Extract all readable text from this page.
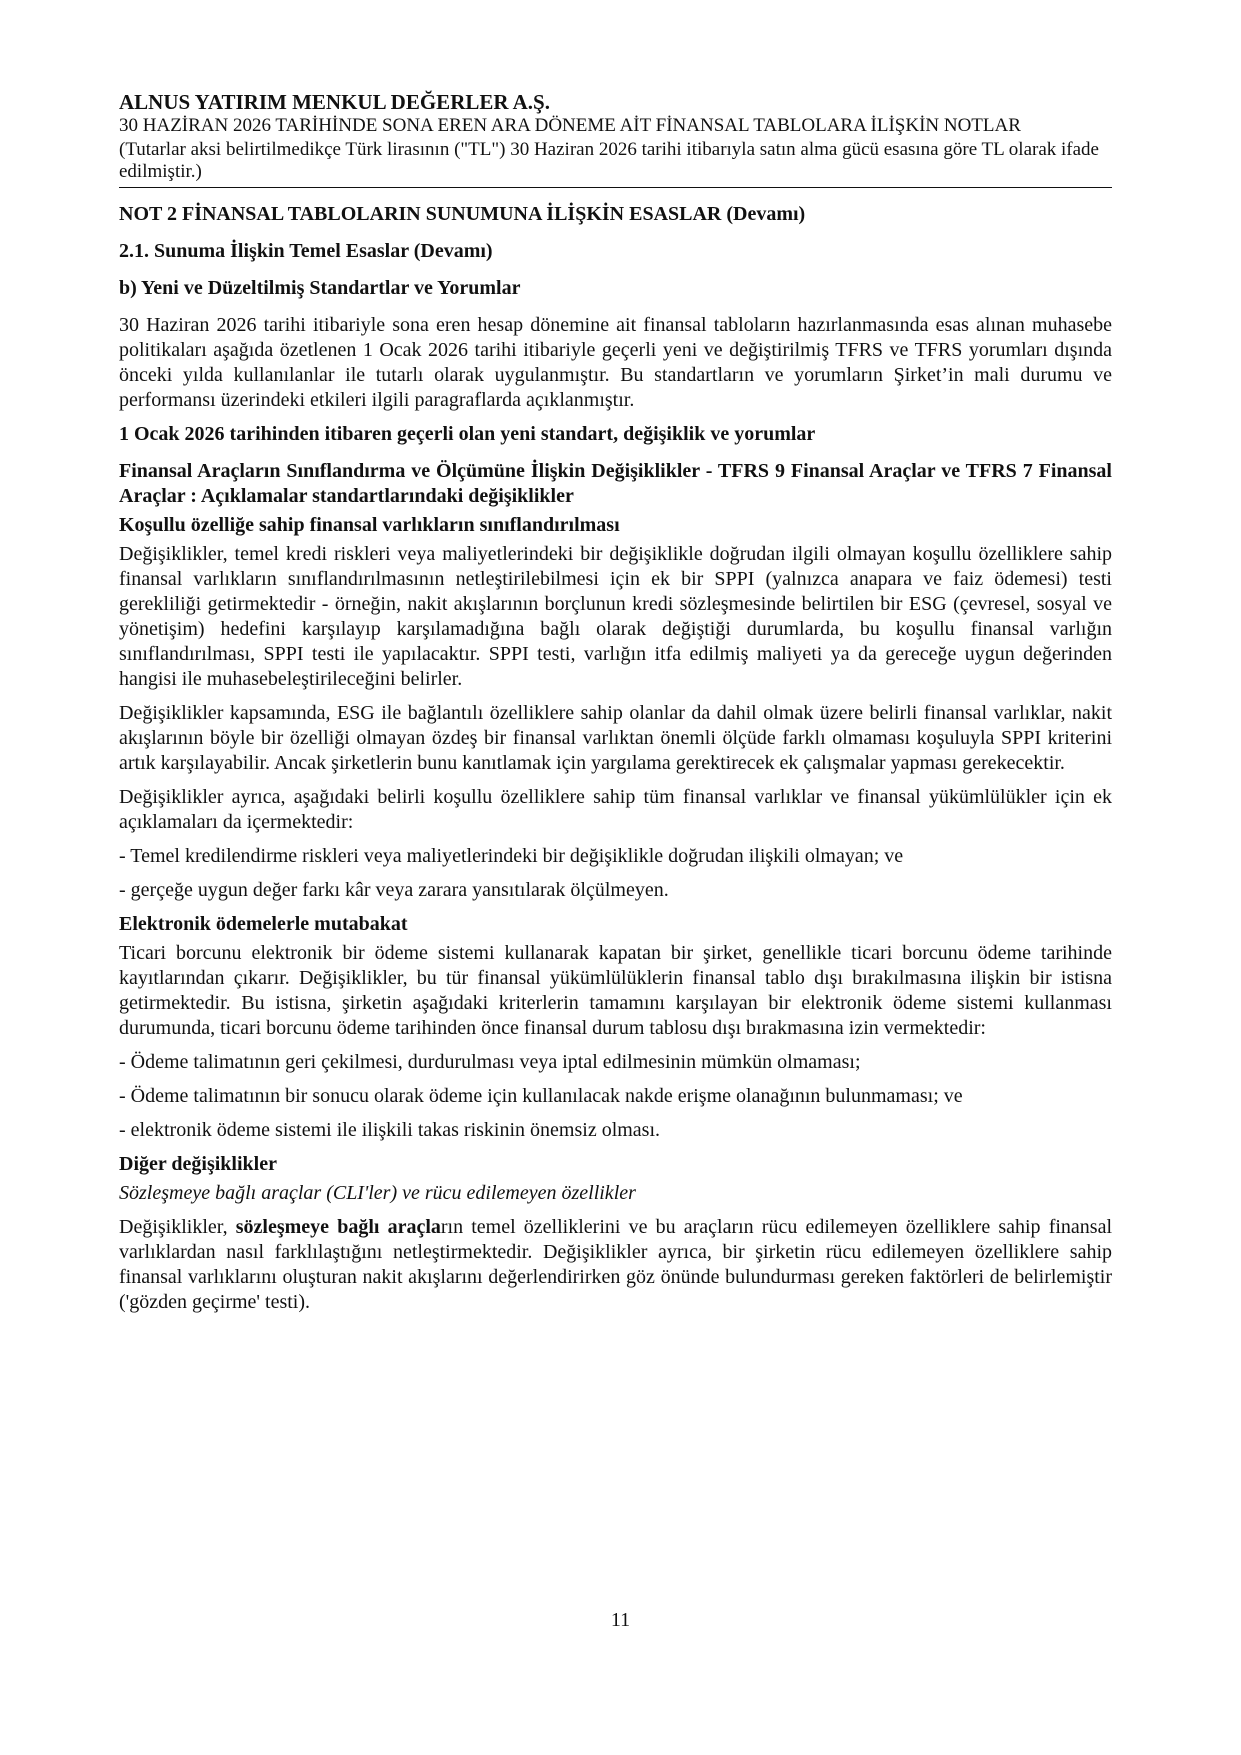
ALNUS YATIRIM MENKUL DEĞERLER A.Ş.
30 HAZİRAN 2026 TARİHİNDE SONA EREN ARA DÖNEME AİT FİNANSAL TABLOLARA İLİŞKİN NOTLAR
(Tutarlar aksi belirtilmedikçe Türk lirasının ("TL") 30 Haziran 2026 tarihi itibarıyla satın alma gücü esasına göre TL olarak ifade edilmiştir.)
NOT 2 FİNANSAL TABLOLARIN SUNUMUNA İLİŞKİN ESASLAR (Devamı)
2.1. Sunuma İlişkin Temel Esaslar (Devamı)
b) Yeni ve Düzeltilmiş Standartlar ve Yorumlar

30 Haziran 2026 tarihi itibariyle sona eren hesap dönemine ait finansal tabloların hazırlanmasında esas alınan muhasebe politikaları aşağıda özetlenen 1 Ocak 2026 tarihi itibariyle geçerli yeni ve değiştirilmiş TFRS ve TFRS yorumları dışında önceki yılda kullanılanlar ile tutarlı olarak uygulanmıştır. Bu standartların ve yorumların Şirket’in mali durumu ve performansı üzerindeki etkileri ilgili paragraflarda açıklanmıştır.

1 Ocak 2026 tarihinden itibaren geçerli olan yeni standart, değişiklik ve yorumlar
Finansal Araçların Sınıflandırma ve Ölçümüne İlişkin Değişiklikler - TFRS 9 Finansal Araçlar ve TFRS 7 Finansal Araçlar : Açıklamalar standartlarındaki değişiklikler
Koşullu özelliğe sahip finansal varlıkların sınıflandırılması

Değişiklikler, temel kredi riskleri veya maliyetlerindeki bir değişiklikle doğrudan ilgili olmayan koşullu özelliklere sahip finansal varlıkların sınıflandırılmasının netleştirilebilmesi için ek bir SPPI (yalnızca anapara ve faiz ödemesi) testi gerekliliği getirmektedir - örneğin, nakit akışlarının borçlunun kredi sözleşmesinde belirtilen bir ESG (çevresel, sosyal ve yönetişim) hedefini karşılayıp karşılamadığına bağlı olarak değiştiği durumlarda, bu koşullu finansal varlığın sınıflandırılması, SPPI testi ile yapılacaktır. SPPI testi, varlığın itfa edilmiş maliyeti ya da gereceğe uygun değerinden hangisi ile muhasebeleştirileceğini belirler.

Değişiklikler kapsamında, ESG ile bağlantılı özelliklere sahip olanlar da dahil olmak üzere belirli finansal varlıklar, nakit akışlarının böyle bir özelliği olmayan özdeş bir finansal varlıktan önemli ölçüde farklı olmaması koşuluyla SPPI kriterini artık karşılayabilir. Ancak şirketlerin bunu kanıtlamak için yargılama gerektirecek ek çalışmalar yapması gerekecektir.

Değişiklikler ayrıca, aşağıdaki belirli koşullu özelliklere sahip tüm finansal varlıklar ve finansal yükümlülükler için ek açıklamaları da içermektedir:

- Temel kredilendirme riskleri veya maliyetlerindeki bir değişiklikle doğrudan ilişkili olmayan; ve
- gerçeğe uygun değer farkı kâr veya zarara yansıtılarak ölçülmeyen.
Elektronik ödemelerle mutabakat

Ticari borcunu elektronik bir ödeme sistemi kullanarak kapatan bir şirket, genellikle ticari borcunu ödeme tarihinde kayıtlarından çıkarır. Değişiklikler, bu tür finansal yükümlülüklerin finansal tablo dışı bırakılmasına ilişkin bir istisna getirmektedir. Bu istisna, şirketin aşağıdaki kriterlerin tamamını karşılayan bir elektronik ödeme sistemi kullanması durumunda, ticari borcunu ödeme tarihinden önce finansal durum tablosu dışı bırakmasına izin vermektedir:

- Ödeme talimatının geri çekilmesi, durdurulması veya iptal edilmesinin mümkün olmaması;
- Ödeme talimatının bir sonucu olarak ödeme için kullanılacak nakde erişme olanağının bulunmaması; ve
- elektronik ödeme sistemi ile ilişkili takas riskinin önemsiz olması.
Diğer değişiklikler
Sözleşmeye bağlı araçlar (CLI'ler) ve rücu edilemeyen özellikler

Değişiklikler, sözleşmeye bağlı araçların temel özelliklerini ve bu araçların rücu edilemeyen özelliklere sahip finansal varlıklardan nasıl farklılaştığını netleştirmektedir. Değişiklikler ayrıca, bir şirketin rücu edilemeyen özelliklere sahip finansal varlıklarını oluşturan nakit akışlarını değerlendirirken göz önünde bulundurması gereken faktörleri de belirlemiştir ('gözden geçirme' testi).

11
